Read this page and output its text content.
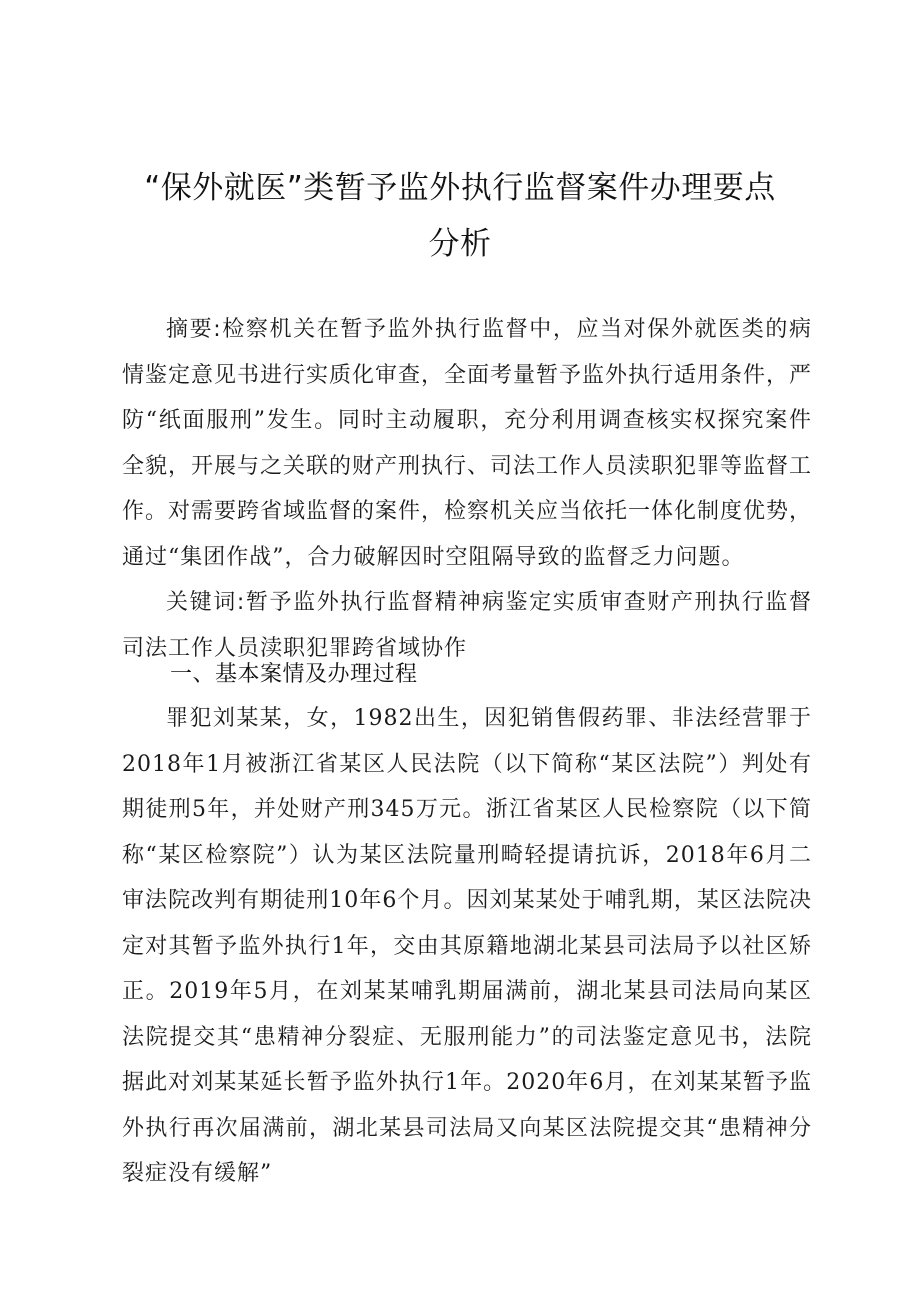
“保外就医”类暂予监外执行监督案件办理要点
分析

摘要:检察机关在暂予监外执行监督中，应当对保外就医类的病情鉴定意见书进行实质化审查，全面考量暂予监外执行适用条件，严防“纸面服刑”发生。同时主动履职，充分利用调查核实权探究案件全貌，开展与之关联的财产刑执行、司法工作人员渎职犯罪等监督工作。对需要跨省域监督的案件，检察机关应当依托一体化制度优势，通过“集团作战”，合力破解因时空阻隔导致的监督乏力问题。

关键词:暂予监外执行监督精神病鉴定实质审查财产刑执行监督司法工作人员渎职犯罪跨省域协作

一、基本案情及办理过程

罪犯刘某某，女，1982出生，因犯销售假药罪、非法经营罪于2018年1月被浙江省某区人民法院（以下简称“某区法院”）判处有期徒刑5年，并处财产刑345万元。浙江省某区人民检察院（以下简称“某区检察院”）认为某区法院量刑畸轻提请抗诉，2018年6月二审法院改判有期徒刑10年6个月。因刘某某处于哺乳期，某区法院决定对其暂予监外执行1年，交由其原籍地湖北某县司法局予以社区矫正。2019年5月，在刘某某哺乳期届满前，湖北某县司法局向某区法院提交其“患精神分裂症、无服刑能力”的司法鉴定意见书，法院据此对刘某某延长暂予监外执行1年。2020年6月，在刘某某暂予监外执行再次届满前，湖北某县司法局又向某区法院提交其“患精神分裂症没有缓解”
